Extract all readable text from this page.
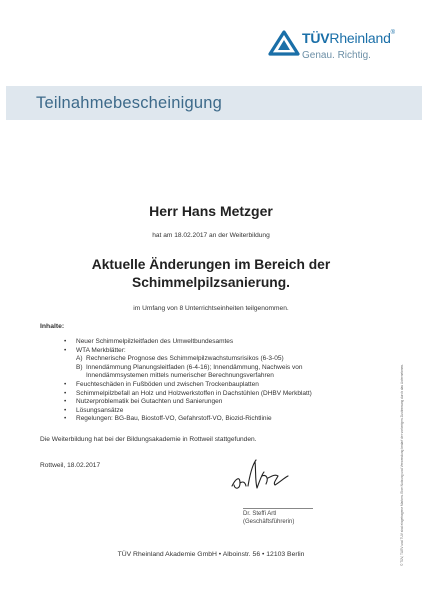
TÜVRheinland®
Genau. Richtig.
Teilnahmebescheinigung
Herr Hans Metzger
hat am 18.02.2017 an der Weiterbildung
Aktuelle Änderungen im Bereich der
Schimmelpilzsanierung.
im Umfang von 8 Unterrichtseinheiten teilgenommen.
Inhalte:
• Neuer Schimmelpilzleitfaden des Umweltbundesamtes
• WTA Merkblätter:
A) Rechnerische Prognose des Schimmelpilzwachstumsrisikos (6-3-05)
B) Innendämmung Planungsleitfaden (6-4-16); Innendämmung, Nachweis von Innendämmsystemen mittels numerischer Berechnungsverfahren
• Feuchteschäden in Fußböden und zwischen Trockenbauplatten
• Schimmelpilzbefall an Holz und Holzwerkstoffen in Dachstühlen (DHBV Merkblatt)
• Nutzerproblematik bei Gutachten und Sanierungen
• Lösungsansätze
• Regelungen: BG-Bau, Biostoff-VO, Gefahrstoff-VO, Biozid-Richtlinie
Die Weiterbildung hat bei der Bildungsakademie in Rottweil stattgefunden.
Rottweil, 18.02.2017
Dr. Steffi Artl
(Geschäftsführerin)
TÜV Rheinland Akademie GmbH • Alboinstr. 56 • 12103 Berlin	© TÜV, TUEV und TUV sind eingetragene Marken. Eine Nutzung und Verwendung bedarf der vorherigen Zustimmung durch das Unternehmen.
